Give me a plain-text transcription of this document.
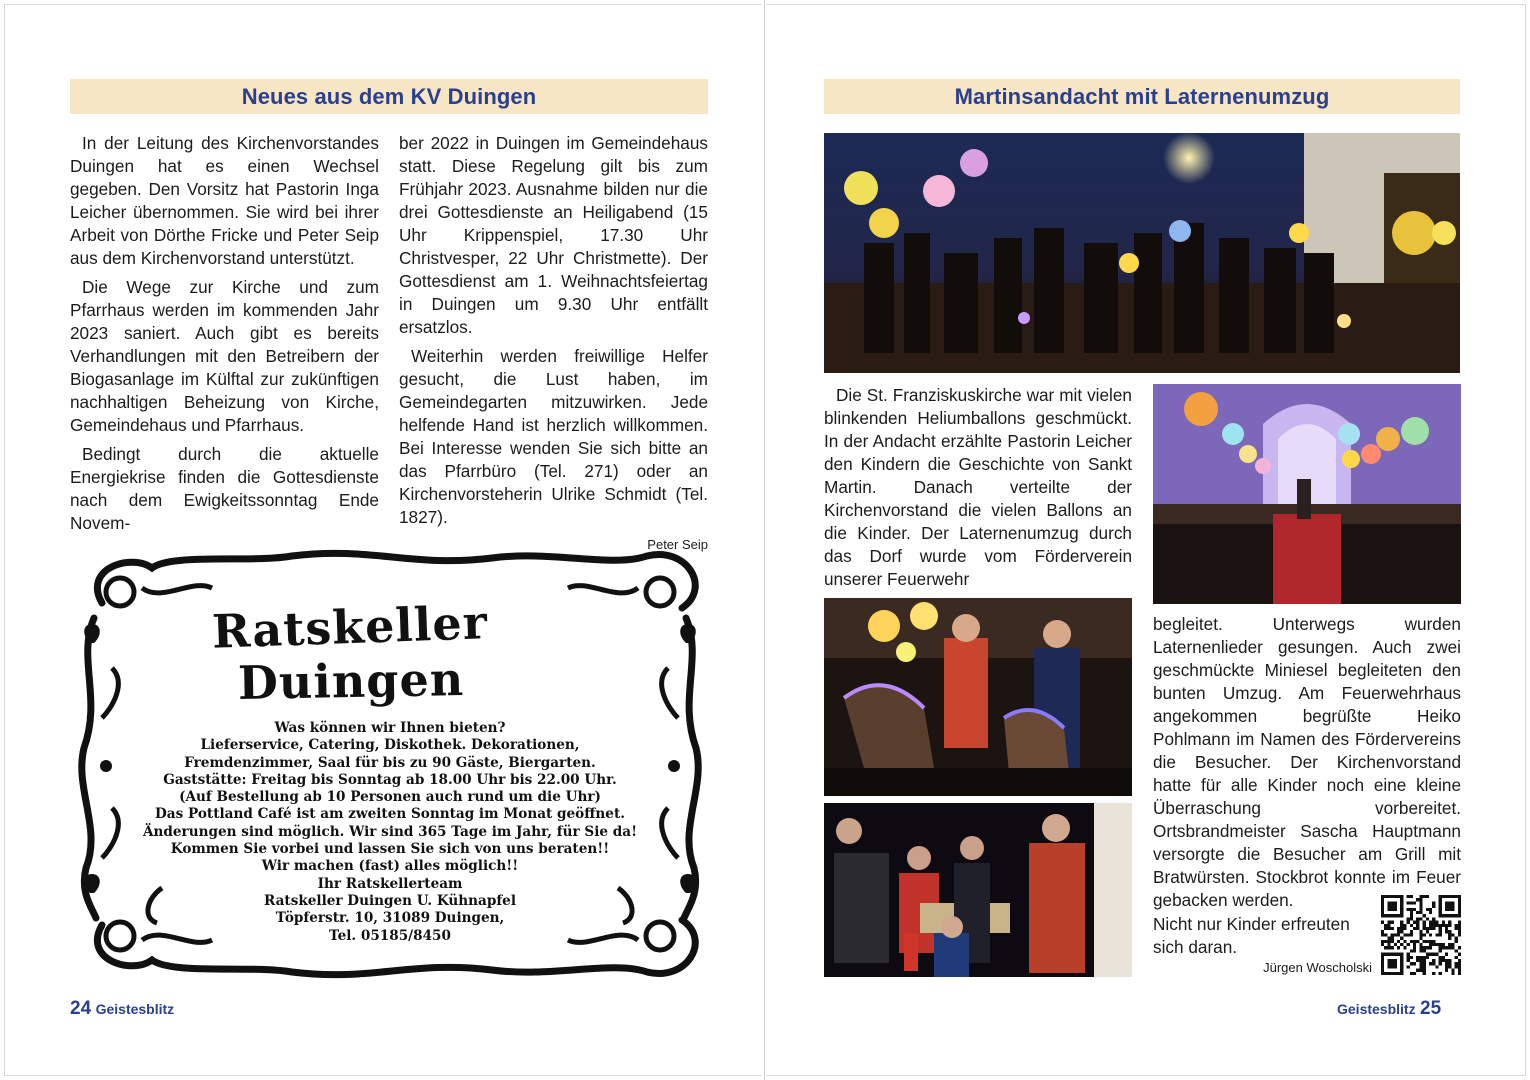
Neues aus dem KV Duingen

In der Leitung des Kirchenvorstandes Duingen hat es einen Wechsel gegeben. Den Vorsitz hat Pastorin Inga Leicher übernommen. Sie wird bei ihrer Arbeit von Dörthe Fricke und Peter Seip aus dem Kirchenvorstand unterstützt.

Die Wege zur Kirche und zum Pfarrhaus werden im kommenden Jahr 2023 saniert. Auch gibt es bereits Verhandlungen mit den Betreibern der Biogasanlage im Külftal zur zukünftigen nachhaltigen Beheizung von Kirche, Gemeindehaus und Pfarrhaus.

Bedingt durch die aktuelle Energiekrise finden die Gottesdienste nach dem Ewigkeitssonntag Ende Novem-

ber 2022 in Duingen im Gemeindehaus statt. Diese Regelung gilt bis zum Frühjahr 2023. Ausnahme bilden nur die drei Gottesdienste an Heiligabend (15 Uhr Krippenspiel, 17.30 Uhr Christvesper, 22 Uhr Christmette). Der Gottesdienst am 1. Weihnachtsfeiertag in Duingen um 9.30 Uhr entfällt ersatzlos.

Weiterhin werden freiwillige Helfer gesucht, die Lust haben, im Gemeindegarten mitzuwirken. Jede helfende Hand ist herzlich willkommen. Bei Interesse wenden Sie sich bitte an das Pfarrbüro (Tel. 271) oder an Kirchenvorsteherin Ulrike Schmidt (Tel. 1827).

Peter Seip
Ratskeller
Duingen
Was können wir Ihnen bieten?
Lieferservice, Catering, Diskothek. Dekorationen,
Fremdenzimmer, Saal für bis zu 90 Gäste, Biergarten.
Gaststätte: Freitag bis Sonntag ab 18.00 Uhr bis 22.00 Uhr.
(Auf Bestellung ab 10 Personen auch rund um die Uhr)
Das Pottland Café ist am zweiten Sonntag im Monat geöffnet.
Änderungen sind möglich. Wir sind 365 Tage im Jahr, für Sie da!
Kommen Sie vorbei und lassen Sie sich von uns beraten!!
Wir machen (fast) alles möglich!!
Ihr Ratskellerteam
Ratskeller Duingen U. Kühnapfel
Töpferstr. 10, 31089 Duingen,
Tel. 05185/8450
24 Geistesblitz
Martinsandacht mit Laternenumzug

Die St. Franziskuskirche war mit vielen blinkenden Heliumballons geschmückt. In der Andacht erzählte Pastorin Leicher den Kindern die Geschichte von Sankt Martin. Danach verteilte der Kirchenvorstand die vielen Ballons an die Kinder. Der Laternenumzug durch das Dorf wurde vom Förderverein unserer Feuerwehr

begleitet. Unterwegs wurden Laternenlieder gesungen. Auch zwei geschmückte Miniesel begleiteten den bunten Umzug. Am Feuerwehrhaus angekommen begrüßte Heiko Pohlmann im Namen des Fördervereins die Besucher. Der Kirchenvorstand hatte für alle Kinder noch eine kleine Überraschung vorbereitet. Ortsbrandmeister Sascha Hauptmann versorgte die Besucher am Grill mit Bratwürsten. Stockbrot konnte im Feuer gebacken werden.

Nicht nur Kinder erfreuten sich daran.

Jürgen Woscholski
Geistesblitz 25
